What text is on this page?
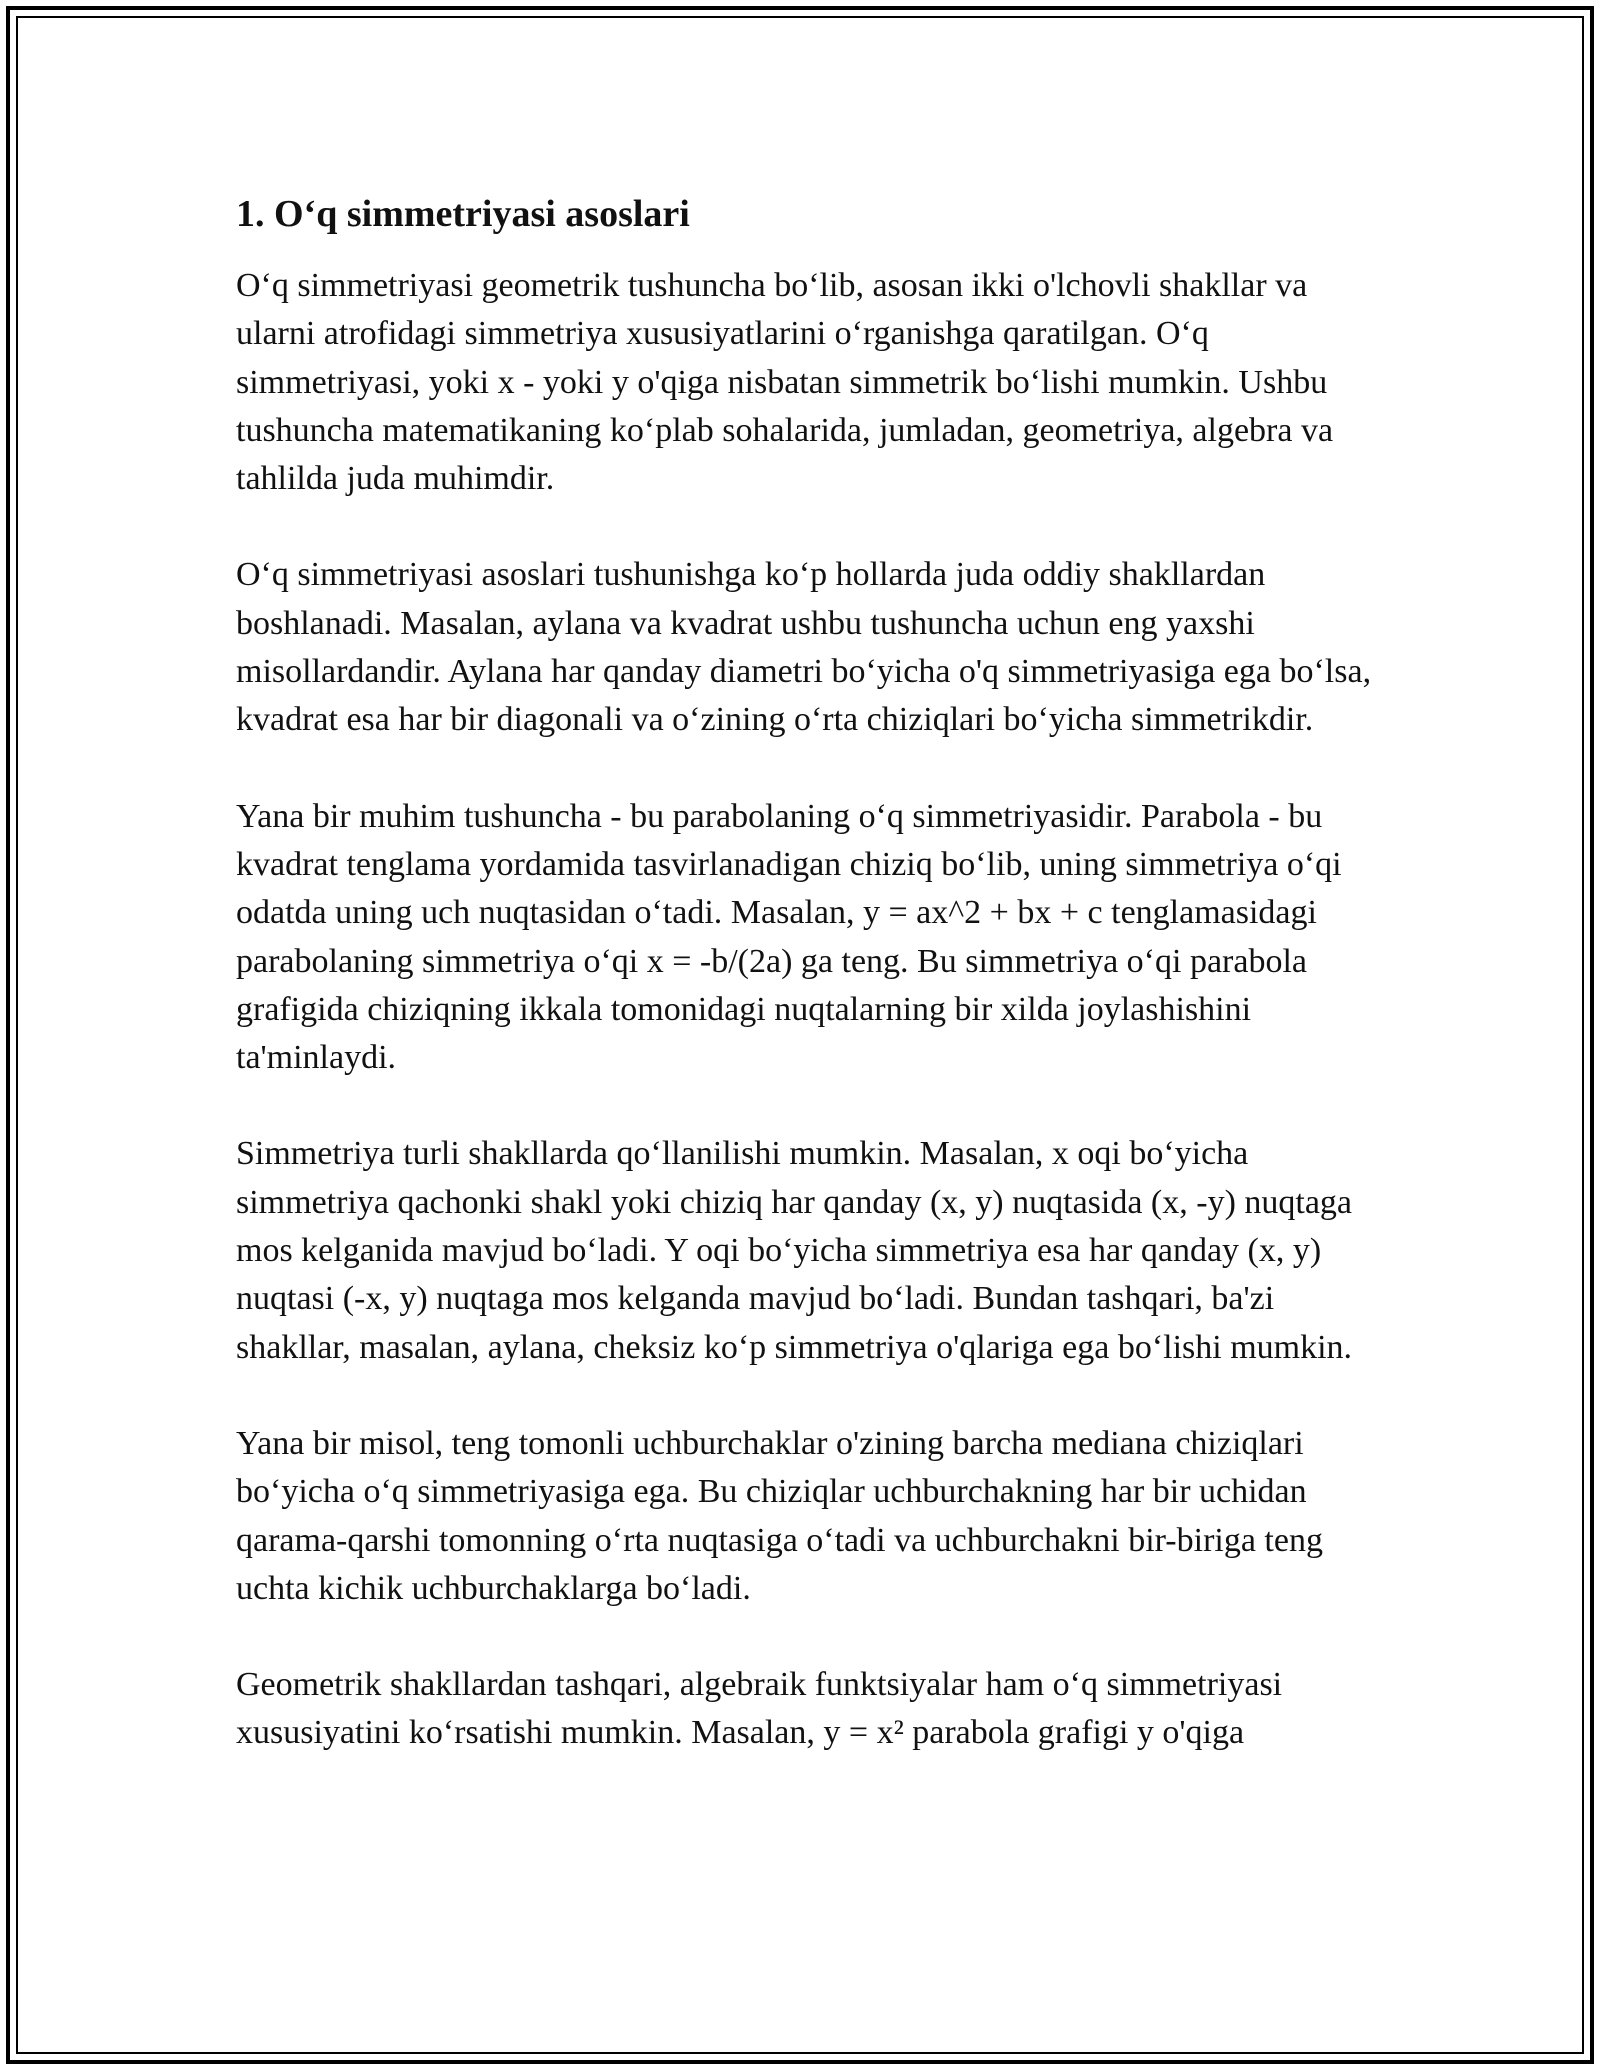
1. O‘q simmetriyasi asoslari

O‘q simmetriyasi geometrik tushuncha bo‘lib, asosan ikki o'lchovli shakllar va ularni atrofidagi simmetriya xususiyatlarini o‘rganishga qaratilgan. O‘q simmetriyasi, yoki x - yoki y o'qiga nisbatan simmetrik bo‘lishi mumkin. Ushbu tushuncha matematikaning ko‘plab sohalarida, jumladan, geometriya, algebra va tahlilda juda muhimdir.

O‘q simmetriyasi asoslari tushunishga ko‘p hollarda juda oddiy shakllardan boshlanadi. Masalan, aylana va kvadrat ushbu tushuncha uchun eng yaxshi misollardandir. Aylana har qanday diametri bo‘yicha o'q simmetriyasiga ega bo‘lsa, kvadrat esa har bir diagonali va o‘zining o‘rta chiziqlari bo‘yicha simmetrikdir.

Yana bir muhim tushuncha - bu parabolaning o‘q simmetriyasidir. Parabola - bu kvadrat tenglama yordamida tasvirlanadigan chiziq bo‘lib, uning simmetriya o‘qi odatda uning uch nuqtasidan o‘tadi. Masalan, y = ax^2 + bx + c tenglamasidagi parabolaning simmetriya o‘qi x = -b/(2a) ga teng. Bu simmetriya o‘qi parabola grafigida chiziqning ikkala tomonidagi nuqtalarning bir xilda joylashishini ta'minlaydi.

Simmetriya turli shakllarda qo‘llanilishi mumkin. Masalan, x oqi bo‘yicha simmetriya qachonki shakl yoki chiziq har qanday (x, y) nuqtasida (x, -y) nuqtaga mos kelganida mavjud bo‘ladi. Y oqi bo‘yicha simmetriya esa har qanday (x, y) nuqtasi (-x, y) nuqtaga mos kelganda mavjud bo‘ladi. Bundan tashqari, ba'zi shakllar, masalan, aylana, cheksiz ko‘p simmetriya o'qlariga ega bo‘lishi mumkin.

Yana bir misol, teng tomonli uchburchaklar o'zining barcha mediana chiziqlari bo‘yicha o‘q simmetriyasiga ega. Bu chiziqlar uchburchakning har bir uchidan qarama-qarshi tomonning o‘rta nuqtasiga o‘tadi va uchburchakni bir-biriga teng uchta kichik uchburchaklarga bo‘ladi.

Geometrik shakllardan tashqari, algebraik funktsiyalar ham o‘q simmetriyasi xususiyatini ko‘rsatishi mumkin. Masalan, y = x² parabola grafigi y o'qiga
